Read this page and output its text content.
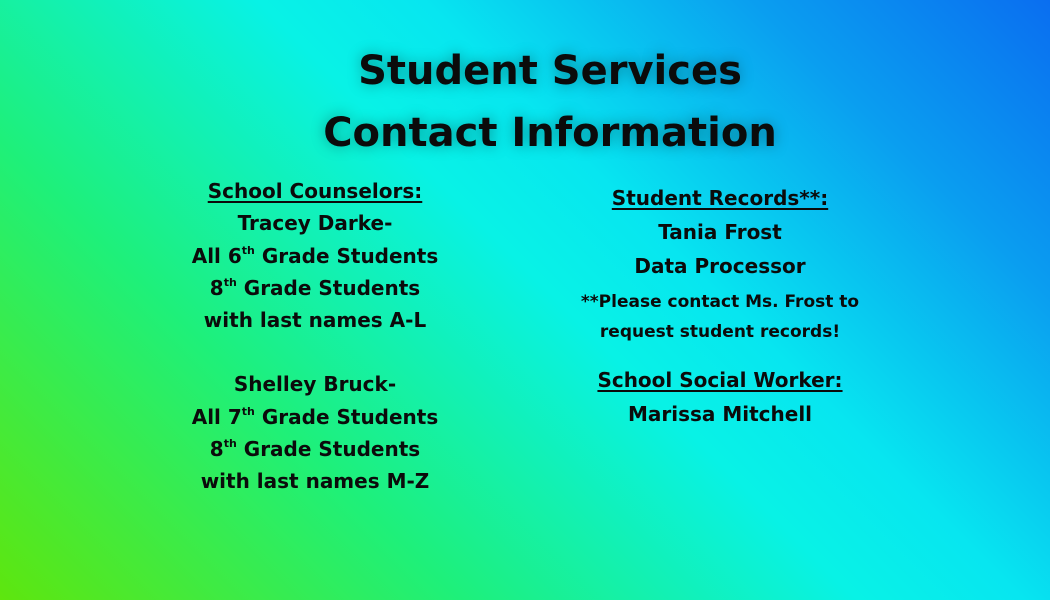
Student Services
Contact Information
School Counselors:
Tracey Darke-
All 6th Grade Students
8th Grade Students
with last names A-L
Shelley Bruck-
All 7th Grade Students
8th Grade Students
with last names M-Z
Student Records**:
Tania Frost
Data Processor
**Please contact Ms. Frost to
request student records!
School Social Worker:
Marissa Mitchell
